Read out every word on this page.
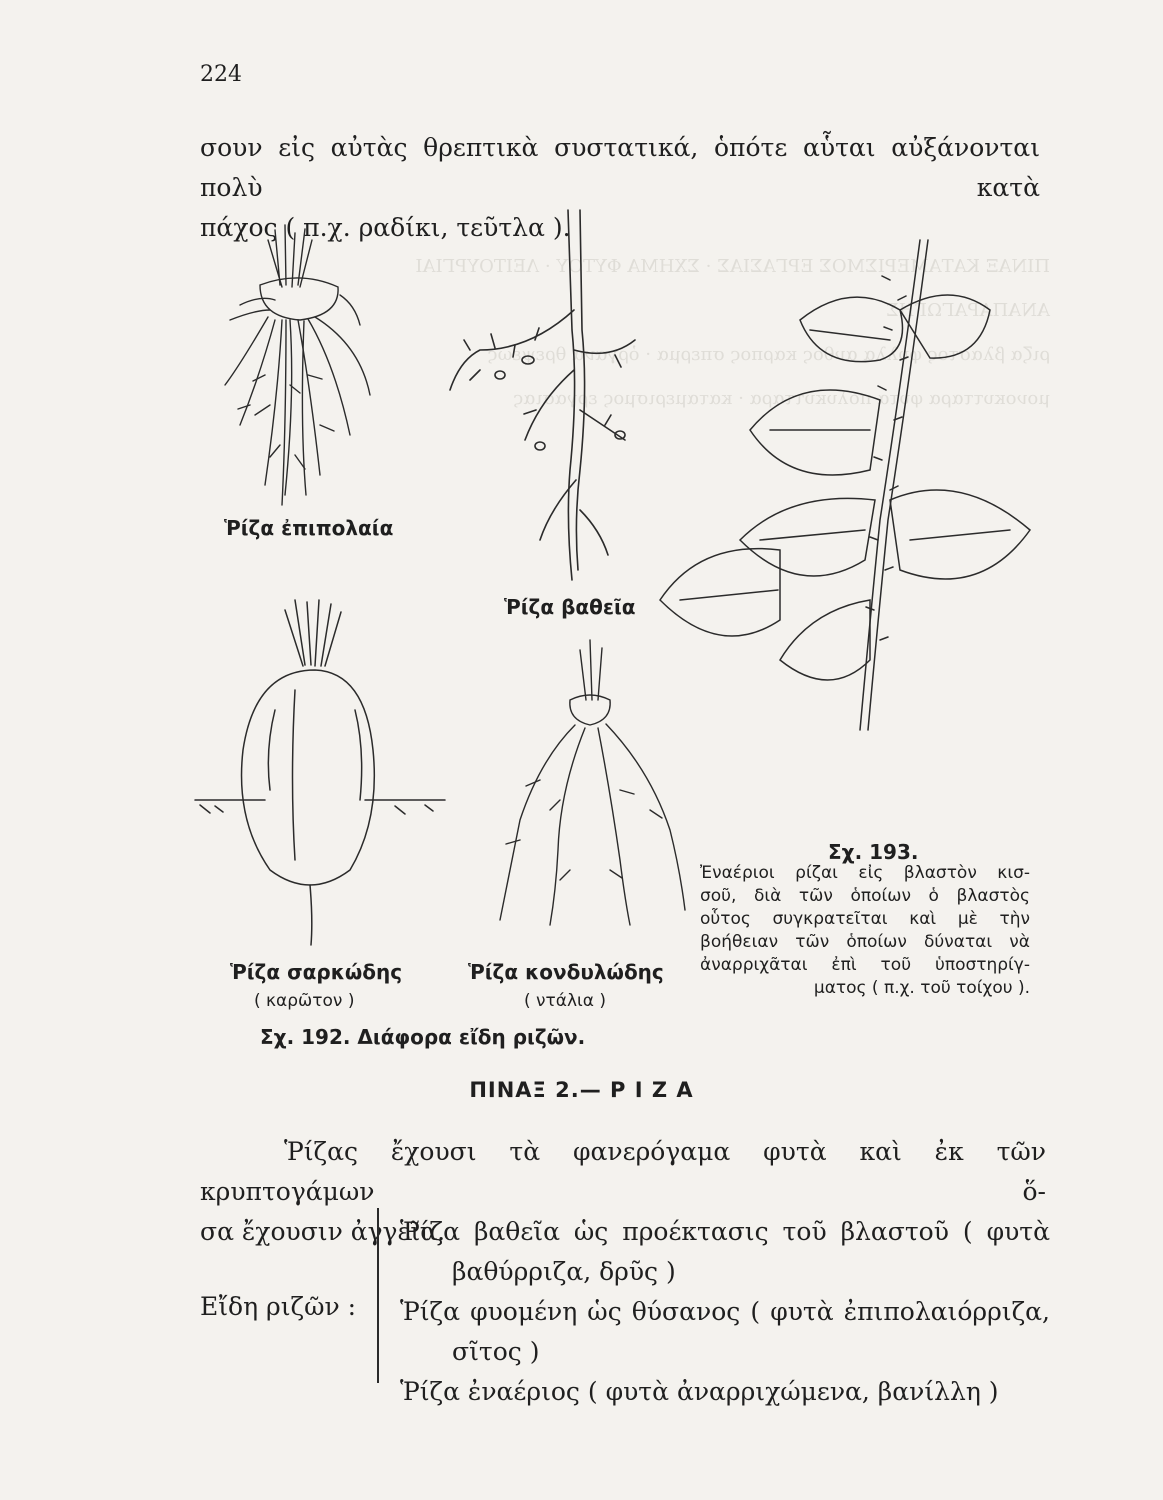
ΠΙΝΑΞ ΚΑΤΑΜΕΡΙΣΜΟΣ ΕΡΓΑΣΙΑΣ · ΣΧΗΜΑ ΦΥΤΟΥ · ΛΕΙΤΟΥΡΓΙΑΙ ΑΝΑΠΑΡΑΓΩΓΗΣ
ριζα βλαστος φυλλα ανθος καρπος σπερμα · ὀργανα θρεψεως
μονοκυτταρα φυτα πολυκυτταρα · καταμερισμος εργασιας
224
σουν εἰς αὐτὰς θρεπτικὰ συστατικά, ὁπότε αὗται αὐξάνονται πολὺ κατὰ
πάχος ( π.χ. ραδίκι, τεῦτλα ).
Ῥίζα ἐπιπολαία
Ῥίζα βαθεῖα
Ῥίζα σαρκώδης
( καρῶτον )
Ῥίζα κονδυλώδης
( ντάλια )
Σχ. 192. Διάφορα εἴδη ριζῶν.
Σχ. 193.
Ἐναέριοι ρίζαι εἰς βλαστὸν κισ-
σοῦ, διὰ τῶν ὁποίων ὁ βλαστὸς
οὗτος συγκρατεῖται καὶ μὲ τὴν
βοήθειαν τῶν ὁποίων δύναται νὰ
ἀναρριχᾶται ἐπὶ τοῦ ὑποστηρίγ-
ματος ( π.χ. τοῦ τοίχου ).
ΠΙΝΑΞ 2.— Ρ Ι Ζ Α
Ῥίζας ἔχουσι τὰ φανερόγαμα φυτὰ καὶ ἐκ τῶν κρυπτογάμων ὅ-
σα ἔχουσιν ἀγγεῖα.
Εἴδη ριζῶν :
Ῥίζα βαθεῖα ὡς προέκτασις τοῦ βλαστοῦ ( φυτὰ
βαθύρριζα, δρῦς )
Ῥίζα φυομένη ὡς θύσανος ( φυτὰ ἐπιπολαιόρριζα,
σῖτος )
Ῥίζα ἐναέριος ( φυτὰ ἀναρριχώμενα, βανίλλη )
